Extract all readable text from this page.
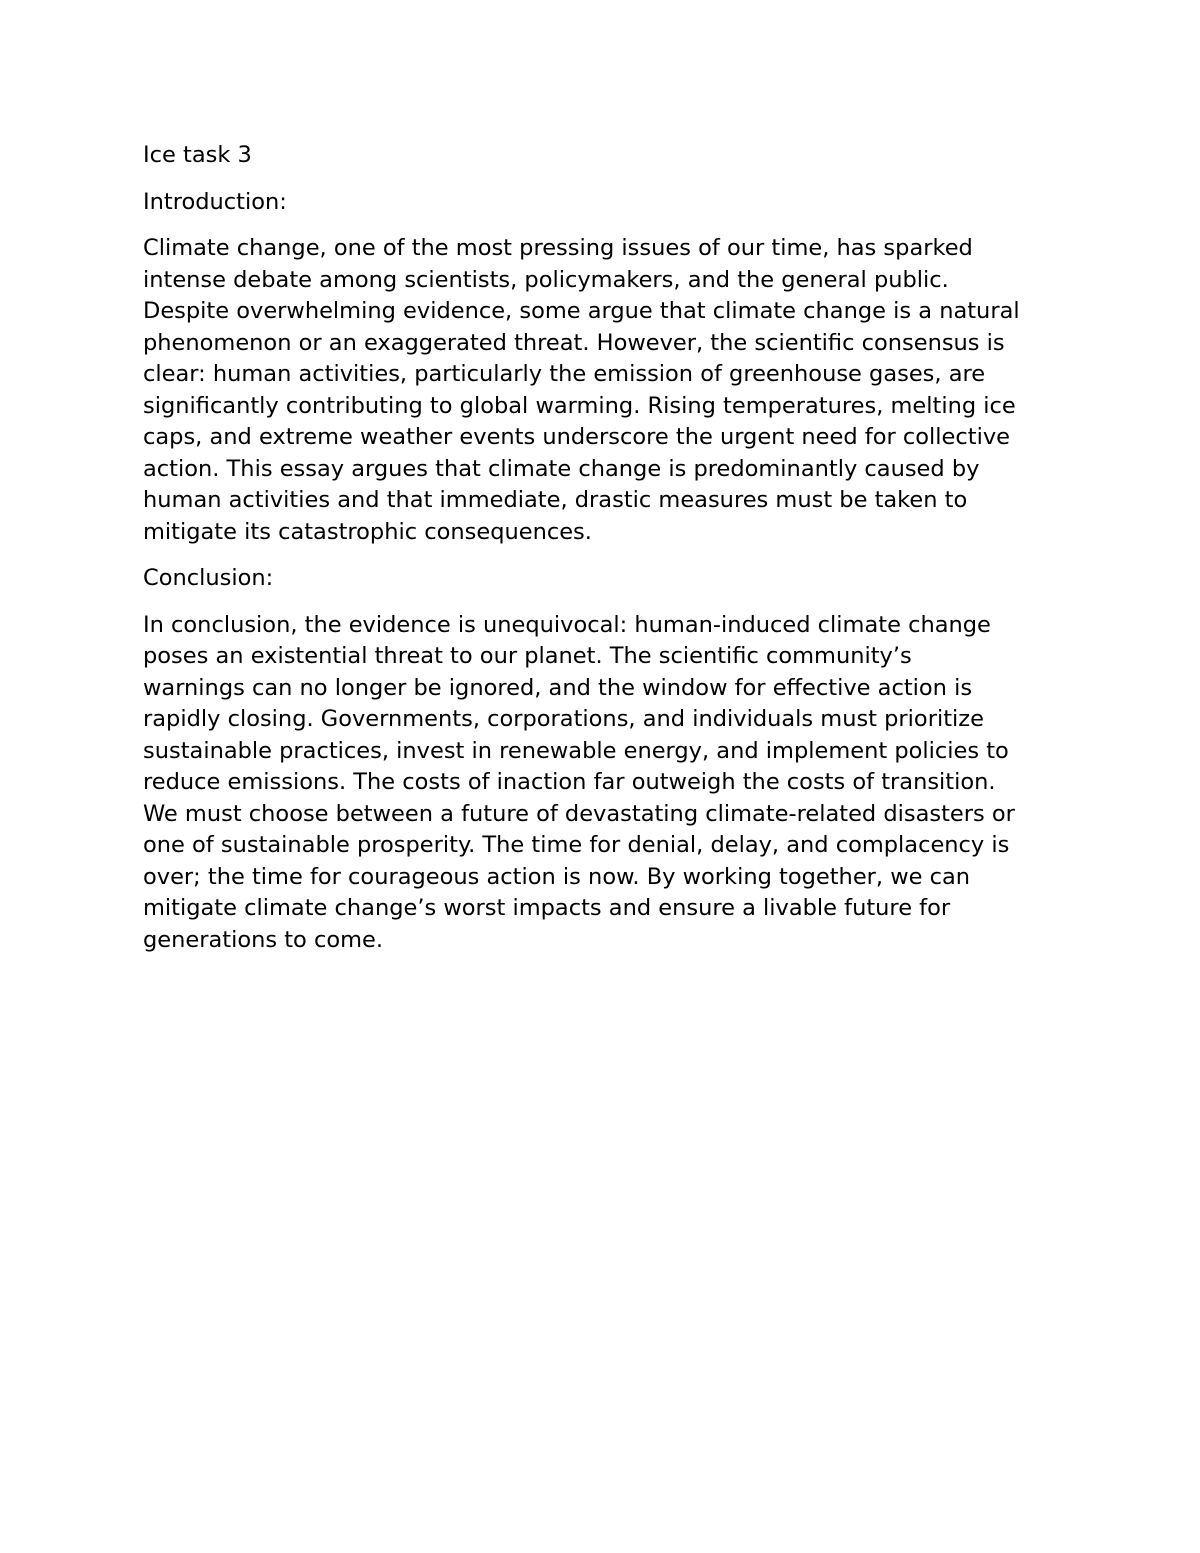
Ice task 3

Introduction:

Climate change, one of the most pressing issues of our time, has sparked
intense debate among scientists, policymakers, and the general public.
Despite overwhelming evidence, some argue that climate change is a natural
phenomenon or an exaggerated threat. However, the scientific consensus is
clear: human activities, particularly the emission of greenhouse gases, are
significantly contributing to global warming. Rising temperatures, melting ice
caps, and extreme weather events underscore the urgent need for collective
action. This essay argues that climate change is predominantly caused by
human activities and that immediate, drastic measures must be taken to
mitigate its catastrophic consequences.

Conclusion:

In conclusion, the evidence is unequivocal: human-induced climate change
poses an existential threat to our planet. The scientific community’s
warnings can no longer be ignored, and the window for effective action is
rapidly closing. Governments, corporations, and individuals must prioritize
sustainable practices, invest in renewable energy, and implement policies to
reduce emissions. The costs of inaction far outweigh the costs of transition.
We must choose between a future of devastating climate-related disasters or
one of sustainable prosperity. The time for denial, delay, and complacency is
over; the time for courageous action is now. By working together, we can
mitigate climate change’s worst impacts and ensure a livable future for
generations to come.
